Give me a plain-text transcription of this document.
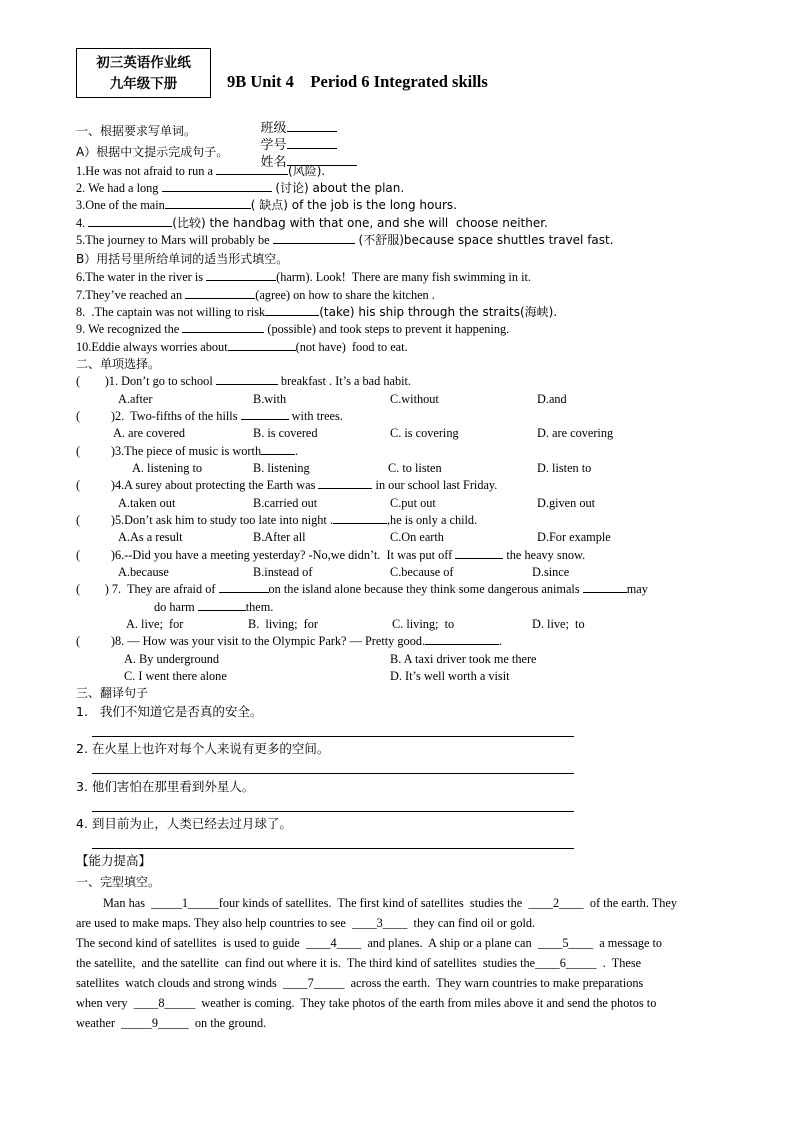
初三英语作业纸
九年级下册	9B Unit 4    Period 6 Integrated skills

班级
学号
姓名

一、根据要求写单词。
A）根据中文提示完成句子。
1.He was not afraid to run a	(风险).
2. We had a long	(讨论) about the plan.
3.One of the main	( 缺点) of the job is the long hours.
4.	(比较) the handbag with that one, and she will  choose neither.
5.The journey to Mars will probably be	(不舒服)because space shuttles travel fast.
B）用括号里所给单词的适当形式填空。
6.The water in the river is	(harm). Look!  There are many fish swimming in it.
7.They’ve reached an	(agree) on how to share the kitchen .
8.  .The captain was not willing to risk	(take) his ship through the straits(海峡).
9. We recognized the	(possible) and took steps to prevent it happening.
10.Eddie always worries about	(not have)  food to eat.
二、单项选择。
(        )1. Don’t go to school	breakfast . It’s a bad habit.
A.after	B.with	C.without	D.and
(          )2.  Two-fifths of the hills	with trees.
A. are covered	B. is covered	C. is covering	D. are covering
(          )3.The piece of music is worth	.
A. listening to	B. listening	C. to listen	D. listen to
(          )4.A surey about protecting the Earth was	in our school last Friday.
A.taken out	B.carried out	C.put out	D.given out
(          )5.Don’t ask him to study too late into night .	,he is only a child.
A.As a result	B.After all	C.On earth	D.For example
(          )6.--Did you have a meeting yesterday? -No,we didn’t.  It was put off	the heavy snow.
A.because	B.instead of	C.because of	D.since
(        ) 7.  They are afraid of	on the island alone because they think some dangerous animals	may
do harm	them.
A. live;  for	B.  living;  for	C. living;  to	D. live;  to
(          )8. — How was your visit to the Olympic Park? — Pretty good.	.
A. By underground	B. A taxi driver took me there
C. I went there alone	D. It’s well worth a visit
三、翻译句子
1.   我们不知道它是否真的安全。
2. 在火星上也许对每个人来说有更多的空间。
3. 他们害怕在那里看到外星人。
4. 到目前为止，人类已经去过月球了。
【能力提高】
一、完型填空。
Man has  _____1_____four kinds of satellites.  The first kind of satellites  studies the  ____2____  of the earth. They
are used to make maps. They also help countries to see  ____3____  they can find oil or gold.
The second kind of satellites  is used to guide  ____4____  and planes.  A ship or a plane can  ____5____  a message to
the satellite,  and the satellite  can find out where it is.  The third kind of satellites  studies the____6_____  .  These
satellites  watch clouds and strong winds  ____7_____  across the earth.  They warn countries to make preparations
when very  ____8_____  weather is coming.  They take photos of the earth from miles above it and send the photos to
weather  _____9_____  on the ground.
